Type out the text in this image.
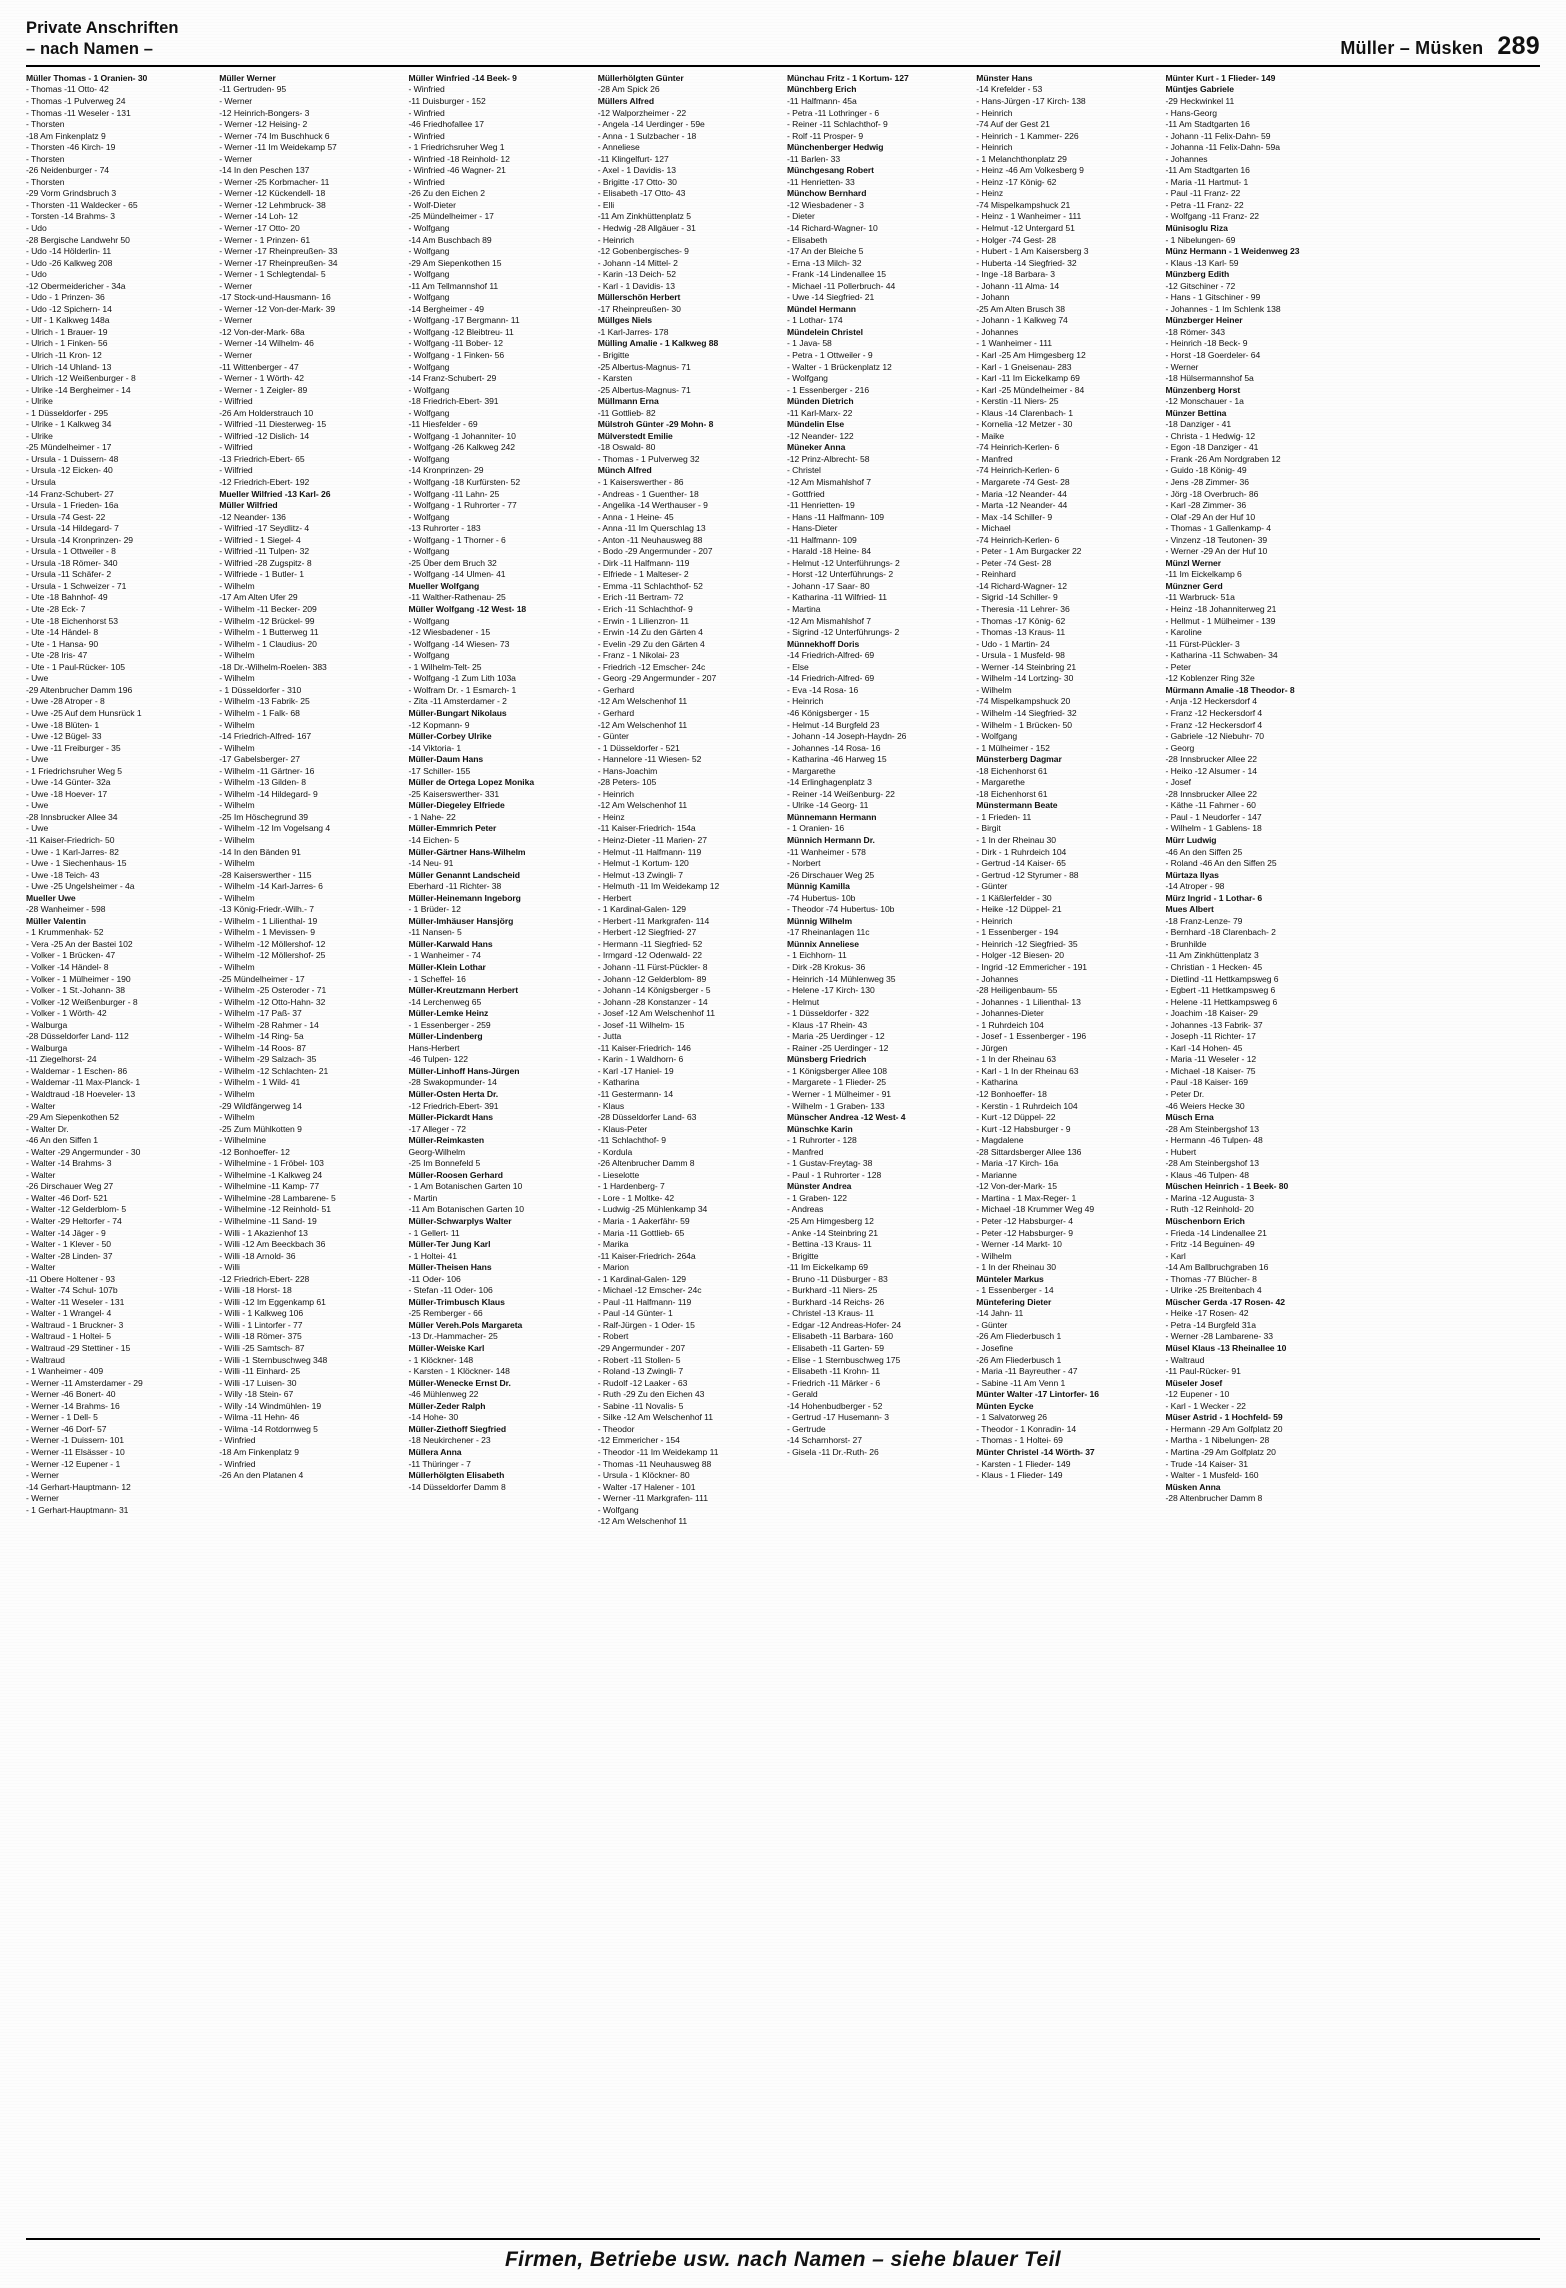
Private Anschriften
– nach Namen –	Müller – Müsken 289
Müller Thomas - 1 Oranien- 30
- Thomas -11 Otto- 42
- Thomas -1 Pulverweg 24
- Thomas -11 Weseler - 131
- Thorsten
-18 Am Finkenplatz 9
- Thorsten -46 Kirch- 19
- Thorsten
-26 Neidenburger - 74
- Thorsten
-29 Vorm Grindsbruch 3
- Thorsten -11 Waldecker - 65
- Torsten -14 Brahms- 3
- Udo
-28 Bergische Landwehr 50
- Udo -14 Hölderlin- 11
- Udo -26 Kalkweg 208
- Udo
-12 Obermeidericher - 34a
- Udo - 1 Prinzen- 36
- Udo -12 Spichern- 14
- Ulf - 1 Kalkweg 148a
- Ulrich - 1 Brauer- 19
- Ulrich - 1 Finken- 56
- Ulrich -11 Kron- 12
- Ulrich -14 Uhland- 13
- Ulrich -12 Weißenburger - 8
- Ulrike -14 Bergheimer - 14
- Ulrike
- 1 Düsseldorfer - 295
- Ulrike - 1 Kalkweg 34
- Ulrike
-25 Mündelheimer - 17
- Ursula - 1 Duissern- 48
- Ursula -12 Eicken- 40
- Ursula
-14 Franz-Schubert- 27
- Ursula - 1 Frieden- 16a
- Ursula -74 Gest- 22
- Ursula -14 Hildegard- 7
- Ursula -14 Kronprinzen- 29
- Ursula - 1 Ottweiler - 8
- Ursula -18 Römer- 340
- Ursula -11 Schäfer- 2
- Ursula - 1 Schweizer - 71
- Ute -18 Bahnhof- 49
- Ute -28 Eck- 7
- Ute -18 Eichenhorst 53
- Ute -14 Händel- 8
- Ute - 1 Hansa- 90
- Ute -28 Iris- 47
- Ute - 1 Paul-Rücker- 105
- Uwe
-29 Altenbrucher Damm 196
- Uwe -28 Atroper - 8
- Uwe -25 Auf dem Hunsrück 1
- Uwe -18 Blüten- 1
- Uwe -12 Bügel- 33
- Uwe -11 Freiburger - 35
- Uwe
- 1 Friedrichsruher Weg 5
- Uwe -14 Günter- 32a
- Uwe -18 Hoever- 17
- Uwe
-28 Innsbrucker Allee 34
- Uwe
-11 Kaiser-Friedrich- 50
- Uwe - 1 Karl-Jarres- 82
- Uwe - 1 Siechenhaus- 15
- Uwe -18 Teich- 43
- Uwe -25 Ungelsheimer - 4a
Mueller Uwe
-28 Wanheimer - 598
Müller Valentin
- 1 Krummenhak- 52
- Vera -25 An der Bastei 102
- Volker - 1 Brücken- 47
- Volker -14 Händel- 8
- Volker - 1 Mülheimer - 190
- Volker - 1 St.-Johann- 38
- Volker -12 Weißenburger - 8
- Volker - 1 Wörth- 42
- Walburga
-28 Düsseldorfer Land- 112
- Walburga
-11 Ziegelhorst- 24
- Waldemar - 1 Eschen- 86
- Waldemar -11 Max-Planck- 1
- Waldtraud -18 Hoeveler- 13
- Walter
-29 Am Siepenkothen 52
- Walter Dr.
-46 An den Siffen 1
- Walter -29 Angermunder - 30
- Walter -14 Brahms- 3
- Walter
-26 Dirschauer Weg 27
- Walter -46 Dorf- 521
- Walter -12 Gelderblom- 5
- Walter -29 Heltorfer - 74
- Walter -14 Jäger - 9
- Walter - 1 Klever - 50
- Walter -28 Linden- 37
- Walter
-11 Obere Holtener - 93
- Walter -74 Schul- 107b
- Walter -11 Weseler - 131
- Walter - 1 Wrangel- 4
- Waltraud - 1 Bruckner- 3
- Waltraud - 1 Holtei- 5
- Waltraud -29 Stettiner - 15
- Waltraud
- 1 Wanheimer - 409
- Werner -11 Amsterdamer - 29
- Werner -46 Bonert- 40
- Werner -14 Brahms- 16
- Werner - 1 Dell- 5
- Werner -46 Dorf- 57
- Werner -1 Duissern- 101
- Werner -11 Elsässer - 10
- Werner -12 Eupener - 1
- Werner
-14 Gerhart-Hauptmann- 12
- Werner
- 1 Gerhart-Hauptmann- 31
Müller Werner
-11 Gertruden- 95
- Werner
-12 Heinrich-Bongers- 3
- Werner -12 Heising- 2
- Werner -74 Im Buschhuck 6
- Werner -11 Im Weidekamp 57
- Werner
-14 In den Peschen 137
- Werner -25 Korbmacher- 11
- Werner -12 Kückendell- 18
- Werner -12 Lehmbruck- 38
- Werner -14 Loh- 12
- Werner -17 Otto- 20
- Werner - 1 Prinzen- 61
- Werner -17 Rheinpreußen- 33
- Werner -17 Rheinpreußen- 34
- Werner - 1 Schlegtendal- 5
- Werner
-17 Stock-und-Hausmann- 16
- Werner -12 Von-der-Mark- 39
- Werner
-12 Von-der-Mark- 68a
- Werner -14 Wilhelm- 46
- Werner
-11 Wittenberger - 47
- Werner - 1 Wörth- 42
- Werner - 1 Zeigler- 89
- Wilfried
-26 Am Holderstrauch 10
- Wilfried -11 Diesterweg- 15
- Wilfried -12 Dislich- 14
- Wilfried
-13 Friedrich-Ebert- 65
- Wilfried
-12 Friedrich-Ebert- 192
Mueller Wilfried -13 Karl- 26
Müller Wilfried
-12 Neander- 136
- Wilfried -17 Seydlitz- 4
- Wilfried - 1 Siegel- 4
- Wilfried -11 Tulpen- 32
- Wilfried -28 Zugspitz- 8
- Wilfriede - 1 Butler- 1
- Wilhelm
-17 Am Alten Ufer 29
- Wilhelm -11 Becker- 209
- Wilhelm -12 Brückel- 99
- Wilhelm - 1 Butterweg 11
- Wilhelm - 1 Claudius- 20
- Wilhelm
-18 Dr.-Wilhelm-Roelen- 383
- Wilhelm
- 1 Düsseldorfer - 310
- Wilhelm -13 Fabrik- 25
- Wilhelm - 1 Falk- 68
- Wilhelm
-14 Friedrich-Alfred- 167
- Wilhelm
-17 Gabelsberger- 27
- Wilhelm -11 Gärtner- 16
- Wilhelm -13 Gilden- 8
- Wilhelm -14 Hildegard- 9
- Wilhelm
-25 Im Höschegrund 39
- Wilhelm -12 Im Vogelsang 4
- Wilhelm
-14 In den Bänden 91
- Wilhelm
-28 Kaiserswerther - 115
- Wilhelm -14 Karl-Jarres- 6
- Wilhelm
-13 König-Friedr.-Wilh.- 7
- Wilhelm - 1 Lilienthal- 19
- Wilhelm - 1 Mevissen- 9
- Wilhelm -12 Möllershof- 12
- Wilhelm -12 Möllershof- 25
- Wilhelm
-25 Mündelheimer - 17
- Wilhelm -25 Osteroder - 71
- Wilhelm -12 Otto-Hahn- 32
- Wilhelm -17 Paß- 37
- Wilhelm -28 Rahmer - 14
- Wilhelm -14 Ring- 5a
- Wilhelm -14 Roos- 87
- Wilhelm -29 Salzach- 35
- Wilhelm -12 Schlachten- 21
- Wilhelm - 1 Wild- 41
- Wilhelm
-29 Wildfängerweg 14
- Wilhelm
-25 Zum Mühlkotten 9
- Wilhelmine
-12 Bonhoeffer- 12
- Wilhelmine - 1 Fröbel- 103
- Wilhelmine -1 Kalkweg 24
- Wilhelmine -11 Kamp- 77
- Wilhelmine -28 Lambarene- 5
- Wilhelmine -12 Reinhold- 51
- Wilhelmine -11 Sand- 19
- Willi - 1 Akazienhof 13
- Willi -12 Am Beeckbach 36
- Willi -18 Arnold- 36
- Willi
-12 Friedrich-Ebert- 228
- Willi -18 Horst- 18
- Willi -12 Im Eggenkamp 61
- Willi - 1 Kalkweg 106
- Willi - 1 Lintorfer - 77
- Willi -18 Römer- 375
- Willi -25 Samtsch- 87
- Willi -1 Sternbuschweg 348
- Willi -11 Einhard- 25
- Willi -17 Luisen- 30
- Willy -18 Stein- 67
- Willy -14 Windmühlen- 19
- Wilma -11 Hehn- 46
- Wilma -14 Rotdornweg 5
- Winfried
-18 Am Finkenplatz 9
- Winfried
-26 An den Platanen 4
Müller Winfried -14 Beek- 9
- Winfried
-11 Duisburger - 152
- Winfried
-46 Friedhofallee 17
- Winfried
- 1 Friedrichsruher Weg 1
- Winfried -18 Reinhold- 12
- Winfried -46 Wagner- 21
- Winfried
-26 Zu den Eichen 2
- Wolf-Dieter
-25 Mündelheimer - 17
- Wolfgang
-14 Am Buschbach 89
- Wolfgang
-29 Am Siepenkothen 15
- Wolfgang
-11 Am Tellmannshof 11
- Wolfgang
-14 Bergheimer - 49
- Wolfgang -17 Bergmann- 11
- Wolfgang -12 Bleibtreu- 11
- Wolfgang -11 Bober- 12
- Wolfgang - 1 Finken- 56
- Wolfgang
-14 Franz-Schubert- 29
- Wolfgang
-18 Friedrich-Ebert- 391
- Wolfgang
-11 Hiesfelder - 69
- Wolfgang -1 Johanniter- 10
- Wolfgang -26 Kalkweg 242
- Wolfgang
-14 Kronprinzen- 29
- Wolfgang -18 Kurfürsten- 52
- Wolfgang -11 Lahn- 25
- Wolfgang - 1 Ruhrorter - 77
- Wolfgang
-13 Ruhrorter - 183
- Wolfgang - 1 Thorner - 6
- Wolfgang
-25 Über dem Bruch 32
- Wolfgang -14 Ulmen- 41
Mueller Wolfgang
-11 Walther-Rathenau- 25
Müller Wolfgang -12 West- 18
- Wolfgang
-12 Wiesbadener - 15
- Wolfgang -14 Wiesen- 73
- Wolfgang
- 1 Wilhelm-Telt- 25
- Wolfgang -1 Zum Lith 103a
- Wolfram Dr. - 1 Esmarch- 1
- Zita -11 Amsterdamer - 2
Müller-Bungart Nikolaus
-12 Kopmann- 9
Müller-Corbey Ulrike
-14 Viktoria- 1
Müller-Daum Hans
-17 Schiller- 155
Müller de Ortega Lopez Monika
-25 Kaiserswerther- 331
Müller-Diegeley Elfriede
- 1 Nahe- 22
Müller-Emmrich Peter
-14 Eichen- 5
Müller-Gärtner Hans-Wilhelm
-14 Neu- 91
Müller Genannt Landscheid
Eberhard -11 Richter- 38
Müller-Heinemann Ingeborg
- 1 Brüder- 12
Müller-Imhäuser Hansjörg
-11 Nansen- 5
Müller-Karwald Hans
- 1 Wanheimer - 74
Müller-Klein Lothar
- 1 Scheffel- 16
Müller-Kreutzmann Herbert
-14 Lerchenweg 65
Müller-Lemke Heinz
- 1 Essenberger - 259
Müller-Lindenberg
Hans-Herbert
-46 Tulpen- 122
Müller-Linhoff Hans-Jürgen
-28 Swakopmunder- 14
Müller-Osten Herta Dr.
-12 Friedrich-Ebert- 391
Müller-Pickardt Hans
-17 Alleger - 72
Müller-Reimkasten
Georg-Wilhelm
-25 Im Bonnefeld 5
Müller-Roosen Gerhard
- 1 Am Botanischen Garten 10
- Martin
-11 Am Botanischen Garten 10
Müller-Schwarplys Walter
- 1 Gellert- 11
Müller-Ter Jung Karl
- 1 Holtei- 41
Müller-Theisen Hans
-11 Oder- 106
- Stefan -11 Oder- 106
Müller-Trimbusch Klaus
-25 Remberger - 66
Müller Vereh.Pols Margareta
-13 Dr.-Hammacher- 25
Müller-Weiske Karl
- 1 Klöckner- 148
- Karsten - 1 Klöckner- 148
Müller-Wenecke Ernst Dr.
-46 Mühlenweg 22
Müller-Zeder Ralph
-14 Hohe- 30
Müller-Ziethoff Siegfried
-18 Neukirchener - 23
Müllera Anna
-11 Thüringer - 7
Müllerhölgten Elisabeth
-14 Düsseldorfer Damm 8
Müllerhölgten Günter
-28 Am Spick 26
Müllers Alfred
-12 Walporzheimer - 22
- Angela -14 Uerdinger - 59e
- Anna - 1 Sulzbacher - 18
- Anneliese
-11 Klingelfurt- 127
- Axel - 1 Davidis- 13
- Brigitte -17 Otto- 30
- Elisabeth -17 Otto- 43
- Elli
-11 Am Zinkhüttenplatz 5
- Hedwig -28 Allgäuer - 31
- Heinrich
-12 Gobenbergisches- 9
- Johann -14 Mittel- 2
- Karin -13 Deich- 52
- Karl - 1 Davidis- 13
Müllerschön Herbert
-17 Rheinpreußen- 30
Müllges Niels
-1 Karl-Jarres- 178
Mülling Amalie - 1 Kalkweg 88
- Brigitte
-25 Albertus-Magnus- 71
- Karsten
-25 Albertus-Magnus- 71
Müllmann Erna
-11 Gottlieb- 82
Mülstroh Günter -29 Mohn- 8
Mülverstedt Emilie
-18 Oswald- 80
- Thomas - 1 Pulverweg 32
Münch Alfred
- 1 Kaiserswerther - 86
- Andreas - 1 Guenther- 18
- Angelika -14 Werthauser - 9
- Anna - 1 Heine- 45
- Anna -11 Im Querschlag 13
- Anton -11 Neuhausweg 88
- Bodo -29 Angermunder - 207
- Dirk -11 Halfmann- 119
- Elfriede - 1 Malteser- 2
- Emma -11 Schlachthof- 52
- Erich -11 Bertram- 72
- Erich -11 Schlachthof- 9
- Erwin - 1 Lilienzron- 11
- Erwin -14 Zu den Gärten 4
- Evelin -29 Zu den Gärten 4
- Franz - 1 Nikolai- 23
- Friedrich -12 Emscher- 24c
- Georg -29 Angermunder - 207
- Gerhard
-12 Am Welschenhof 11
- Gerhard
-12 Am Welschenhof 11
- Günter
- 1 Düsseldorfer - 521
- Hannelore -11 Wiesen- 52
- Hans-Joachim
-28 Peters- 105
- Heinrich
-12 Am Welschenhof 11
- Heinz
-11 Kaiser-Friedrich- 154a
- Heinz-Dieter -11 Marien- 27
- Helmut -11 Halfmann- 119
- Helmut -1 Kortum- 120
- Helmut -13 Zwingli- 7
- Helmuth -11 Im Weidekamp 12
- Herbert
- 1 Kardinal-Galen- 129
- Herbert -11 Markgrafen- 114
- Herbert -12 Siegfried- 27
- Hermann -11 Siegfried- 52
- Irmgard -12 Odenwald- 22
- Johann -11 Fürst-Pückler- 8
- Johann -12 Gelderblom- 89
- Johann -14 Königsberger - 5
- Johann -28 Konstanzer - 14
- Josef -12 Am Welschenhof 11
- Josef -11 Wilhelm- 15
- Jutta
-11 Kaiser-Friedrich- 146
- Karin - 1 Waldhorn- 6
- Karl -17 Haniel- 19
- Katharina
-11 Gestermann- 14
- Klaus
-28 Düsseldorfer Land- 63
- Klaus-Peter
-11 Schlachthof- 9
- Kordula
-26 Altenbrucher Damm 8
- Lieselotte
- 1 Hardenberg- 7
- Lore - 1 Moltke- 42
- Ludwig -25 Mühlenkamp 34
- Maria - 1 Aakerfähr- 59
- Maria -11 Gottlieb- 65
- Marika
-11 Kaiser-Friedrich- 264a
- Marion
- 1 Kardinal-Galen- 129
- Michael -12 Emscher- 24c
- Paul -11 Halfmann- 119
- Paul -14 Günter- 1
- Ralf-Jürgen - 1 Oder- 15
- Robert
-29 Angermunder - 207
- Robert -11 Stollen- 5
- Roland -13 Zwingli- 7
- Rudolf -12 Laaker - 63
- Ruth -29 Zu den Eichen 43
- Sabine -11 Novalis- 5
- Silke -12 Am Welschenhof 11
- Theodor
-12 Emmericher - 154
- Theodor -11 Im Weidekamp 11
- Thomas -11 Neuhausweg 88
- Ursula - 1 Klöckner- 80
- Walter -17 Halener - 101
- Werner -11 Markgrafen- 111
- Wolfgang
-12 Am Welschenhof 11
Münchau Fritz - 1 Kortum- 127
Münchberg Erich
-11 Halfmann- 45a
- Petra -11 Lothringer - 6
- Reiner -11 Schlachthof- 9
- Rolf -11 Prosper- 9
Münchenberger Hedwig
-11 Barlen- 33
Münchgesang Robert
-11 Henrietten- 33
Münchow Bernhard
-12 Wiesbadener - 3
- Dieter
-14 Richard-Wagner- 10
- Elisabeth
-17 An der Bleiche 5
- Erna -13 Milch- 32
- Frank -14 Lindenallee 15
- Michael -11 Pollerbruch- 44
- Uwe -14 Siegfried- 21
Mündel Hermann
- 1 Lothar- 174
Mündelein Christel
- 1 Java- 58
- Petra - 1 Ottweiler - 9
- Walter - 1 Brückenplatz 12
- Wolfgang
- 1 Essenberger - 216
Münden Dietrich
-11 Karl-Marx- 22
Mündelin Else
-12 Neander- 122
Müneker Anna
-12 Prinz-Albrecht- 58
- Christel
-12 Am Mismahlshof 7
- Gottfried
-11 Henrietten- 19
- Hans -11 Halfmann- 109
- Hans-Dieter
-11 Halfmann- 109
- Harald -18 Heine- 84
- Helmut -12 Unterführungs- 2
- Horst -12 Unterführungs- 2
- Johann -17 Saar- 80
- Katharina -11 Wilfried- 11
- Martina
-12 Am Mismahlshof 7
- Sigrind -12 Unterführungs- 2
Münnekhoff Doris
-14 Friedrich-Alfred- 69
- Else
-14 Friedrich-Alfred- 69
- Eva -14 Rosa- 16
- Heinrich
-46 Königsberger - 15
- Helmut -14 Burgfeld 23
- Johann -14 Joseph-Haydn- 26
- Johannes -14 Rosa- 16
- Katharina -46 Harweg 15
- Margarethe
-14 Erlinghagenplatz 3
- Reiner -14 Weißenburg- 22
- Ulrike -14 Georg- 11
Münnemann Hermann
- 1 Oranien- 16
Münnich Hermann Dr.
-11 Wanheimer - 578
- Norbert
-26 Dirschauer Weg 25
Münnig Kamilla
-74 Hubertus- 10b
- Theodor -74 Hubertus- 10b
Münnig Wilhelm
-17 Rheinanlagen 11c
Münnix Anneliese
- 1 Eichhorn- 11
- Dirk -28 Krokus- 36
- Heinrich -14 Mühlenweg 35
- Helene -17 Kirch- 130
- Helmut
- 1 Düsseldorfer - 322
- Klaus -17 Rhein- 43
- Maria -25 Uerdinger - 12
- Rainer -25 Uerdinger - 12
Münsberg Friedrich
- 1 Königsberger Allee 108
- Margarete - 1 Flieder- 25
- Werner - 1 Mülheimer - 91
- Wilhelm - 1 Graben- 133
Münscher Andrea -12 West- 4
Münschke Karin
- 1 Ruhrorter - 128
- Manfred
- 1 Gustav-Freytag- 38
- Paul - 1 Ruhrorter - 128
Münster Andrea
- 1 Graben- 122
- Andreas
-25 Am Himgesberg 12
- Anke -14 Steinbring 21
- Bettina -13 Kraus- 11
- Brigitte
-11 Im Eickelkamp 69
- Bruno -11 Düsburger - 83
- Burkhard -11 Niers- 25
- Burkhard -14 Reichs- 26
- Christel -13 Kraus- 11
- Edgar -12 Andreas-Hofer- 24
- Elisabeth -11 Barbara- 160
- Elisabeth -11 Garten- 59
- Elise - 1 Sternbuschweg 175
- Elisabeth -11 Krohn- 11
- Friedrich -11 Märker - 6
- Gerald
-14 Hohenbudberger - 52
- Gertrud -17 Husemann- 3
- Gertrude
-14 Scharnhorst- 27
- Gisela -11 Dr.-Ruth- 26
Münster Hans
-14 Krefelder - 53
- Hans-Jürgen -17 Kirch- 138
- Heinrich
-74 Auf der Gest 21
- Heinrich - 1 Kammer- 226
- Heinrich
- 1 Melanchthonplatz 29
- Heinz -46 Am Volkesberg 9
- Heinz -17 König- 62
- Heinz
-74 Mispelkampshuck 21
- Heinz - 1 Wanheimer - 111
- Helmut -12 Untergard 51
- Holger -74 Gest- 28
- Hubert - 1 Am Kaisersberg 3
- Huberta -14 Siegfried- 32
- Inge -18 Barbara- 3
- Johann -11 Alma- 14
- Johann
-25 Am Alten Brusch 38
- Johann - 1 Kalkweg 74
- Johannes
- 1 Wanheimer - 111
- Karl -25 Am Himgesberg 12
- Karl - 1 Gneisenau- 283
- Karl -11 Im Eickelkamp 69
- Karl -25 Mündelheimer - 84
- Kerstin -11 Niers- 25
- Klaus -14 Clarenbach- 1
- Kornelia -12 Metzer - 30
- Maike
-74 Heinrich-Kerlen- 6
- Manfred
-74 Heinrich-Kerlen- 6
- Margarete -74 Gest- 28
- Maria -12 Neander- 44
- Marta -12 Neander- 44
- Max -14 Schiller- 9
- Michael
-74 Heinrich-Kerlen- 6
- Peter - 1 Am Burgacker 22
- Peter -74 Gest- 28
- Reinhard
-14 Richard-Wagner- 12
- Sigrid -14 Schiller- 9
- Theresia -11 Lehrer- 36
- Thomas -17 König- 62
- Thomas -13 Kraus- 11
- Udo - 1 Martin- 24
- Ursula - 1 Musfeld- 98
- Werner -14 Steinbring 21
- Wilhelm -14 Lortzing- 30
- Wilhelm
-74 Mispelkampshuck 20
- Wilhelm -14 Siegfried- 32
- Wilhelm - 1 Brücken- 50
- Wolfgang
- 1 Mülheimer - 152
Münsterberg Dagmar
-18 Eichenhorst 61
- Margarethe
-18 Eichenhorst 61
Münstermann Beate
- 1 Frieden- 11
- Birgit
- 1 In der Rheinau 30
- Dirk - 1 Ruhrdeich 104
- Gertrud -14 Kaiser- 65
- Gertrud -12 Styrumer - 88
- Günter
- 1 Käßlerfelder - 30
- Heike -12 Düppel- 21
- Heinrich
- 1 Essenberger - 194
- Heinrich -12 Siegfried- 35
- Holger -12 Biesen- 20
- Ingrid -12 Emmericher - 191
- Johannes
-28 Heiligenbaum- 55
- Johannes - 1 Lilienthal- 13
- Johannes-Dieter
- 1 Ruhrdeich 104
- Josef - 1 Essenberger - 196
- Jürgen
- 1 In der Rheinau 63
- Karl - 1 In der Rheinau 63
- Katharina
-12 Bonhoeffer- 18
- Kerstin - 1 Ruhrdeich 104
- Kurt -12 Düppel- 22
- Kurt -12 Habsburger - 9
- Magdalene
-28 Sittardsberger Allee 136
- Maria -17 Kirch- 16a
- Marianne
-12 Von-der-Mark- 15
- Martina - 1 Max-Reger- 1
- Michael -18 Krummer Weg 49
- Peter -12 Habsburger- 4
- Peter -12 Habsburger- 9
- Werner -14 Markt- 10
- Wilhelm
- 1 In der Rheinau 30
Münteler Markus
- 1 Essenberger - 14
Müntefering Dieter
-14 Jahn- 11
- Günter
-26 Am Fliederbusch 1
- Josefine
-26 Am Fliederbusch 1
- Maria -11 Bayreuther - 47
- Sabine -11 Am Venn 1
Münter Walter -17 Lintorfer- 16
Münten Eycke
- 1 Salvatorweg 26
- Theodor - 1 Konradin- 14
- Thomas - 1 Holtei- 69
Münter Christel -14 Wörth- 37
- Karsten - 1 Flieder- 149
- Klaus - 1 Flieder- 149
Münter Kurt - 1 Flieder- 149
Müntjes Gabriele
-29 Heckwinkel 11
- Hans-Georg
-11 Am Stadtgarten 16
- Johann -11 Felix-Dahn- 59
- Johanna -11 Felix-Dahn- 59a
- Johannes
-11 Am Stadtgarten 16
- Maria -11 Hartmut- 1
- Paul -11 Franz- 22
- Petra -11 Franz- 22
- Wolfgang -11 Franz- 22
Münisoglu Riza
- 1 Nibelungen- 69
Münz Hermann - 1 Weidenweg 23
- Klaus -13 Karl- 59
Münzberg Edith
-12 Gitschiner - 72
- Hans - 1 Gitschiner - 99
- Johannes - 1 Im Schlenk 138
Münzberger Heiner
-18 Römer- 343
- Heinrich -18 Beck- 9
- Horst -18 Goerdeler- 64
- Werner
-18 Hülsermannshof 5a
Münzenberg Horst
-12 Monschauer - 1a
Münzer Bettina
-18 Danziger - 41
- Christa - 1 Hedwig- 12
- Egon -18 Danziger - 41
- Frank -26 Am Nordgraben 12
- Guido -18 König- 49
- Jens -28 Zimmer- 36
- Jörg -18 Overbruch- 86
- Karl -28 Zimmer- 36
- Olaf -29 An der Huf 10
- Thomas - 1 Gallenkamp- 4
- Vinzenz -18 Teutonen- 39
- Werner -29 An der Huf 10
Münzl Werner
-11 Im Eickelkamp 6
Münzner Gerd
-11 Warbruck- 51a
- Heinz -18 Johanniterweg 21
- Hellmut - 1 Mülheimer - 139
- Karoline
-11 Fürst-Pückler- 3
- Katharina -11 Schwaben- 34
- Peter
-12 Koblenzer Ring 32e
Mürmann Amalie -18 Theodor- 8
- Anja -12 Heckersdorf 4
- Franz -12 Heckersdorf 4
- Franz -12 Heckersdorf 4
- Gabriele -12 Niebuhr- 70
- Georg
-28 Innsbrucker Allee 22
- Heiko -12 Alsumer - 14
- Josef
-28 Innsbrucker Allee 22
- Käthe -11 Fahrner - 60
- Paul - 1 Neudorfer - 147
- Wilhelm - 1 Gablens- 18
Mürr Ludwig
-46 An den Siffen 25
- Roland -46 An den Siffen 25
Mürtaza Ilyas
-14 Atroper - 98
Mürz Ingrid - 1 Lothar- 6
Mues Albert
-18 Franz-Lenze- 79
- Bernhard -18 Clarenbach- 2
- Brunhilde
-11 Am Zinkhüttenplatz 3
- Christian - 1 Hecken- 45
- Dietlind -11 Hettkampsweg 6
- Egbert -11 Hettkampsweg 6
- Helene -11 Hettkampsweg 6
- Joachim -18 Kaiser- 29
- Johannes -13 Fabrik- 37
- Joseph -11 Richter- 17
- Karl -14 Hohen- 45
- Maria -11 Weseler - 12
- Michael -18 Kaiser- 75
- Paul -18 Kaiser- 169
- Peter Dr.
-46 Weiers Hecke 30
Müsch Erna
-28 Am Steinbergshof 13
- Hermann -46 Tulpen- 48
- Hubert
-28 Am Steinbergshof 13
- Klaus -46 Tulpen- 48
Müschen Heinrich - 1 Beek- 80
- Marina -12 Augusta- 3
- Ruth -12 Reinhold- 20
Müschenborn Erich
- Frieda -14 Lindenallee 21
- Fritz -14 Beguinen- 49
- Karl
-14 Am Ballbruchgraben 16
- Thomas -77 Blücher- 8
- Ulrike -25 Breitenbach 4
Müscher Gerda -17 Rosen- 42
- Heike -17 Rosen- 42
- Petra -14 Burgfeld 31a
- Werner -28 Lambarene- 33
Müsel Klaus -13 Rheinallee 10
- Waltraud
-11 Paul-Rücker- 91
Müseler Josef
-12 Eupener - 10
- Karl - 1 Wecker - 22
Müser Astrid - 1 Hochfeld- 59
- Hermann -29 Am Golfplatz 20
- Martha - 1 Nibelungen- 28
- Martina -29 Am Golfplatz 20
- Trude -14 Kaiser- 31
- Walter - 1 Musfeld- 160
Müsken Anna
-28 Altenbrucher Damm 8
Firmen, Betriebe usw. nach Namen – siehe blauer Teil
